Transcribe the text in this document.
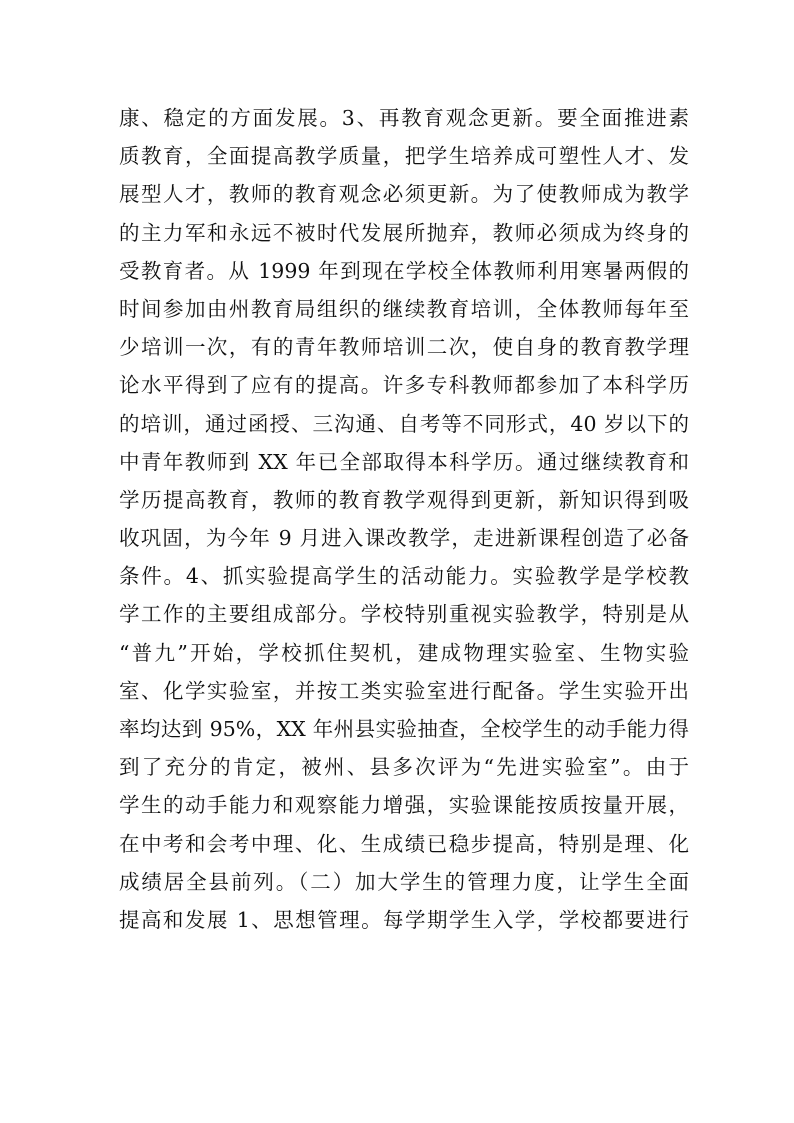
康、稳定的方面发展。3、再教育观念更新。要全面推进素
质教育，全面提高教学质量，把学生培养成可塑性人才、发
展型人才，教师的教育观念必须更新。为了使教师成为教学
的主力军和永远不被时代发展所抛弃，教师必须成为终身的
受教育者。从 1999 年到现在学校全体教师利用寒暑两假的
时间参加由州教育局组织的继续教育培训，全体教师每年至
少培训一次，有的青年教师培训二次，使自身的教育教学理
论水平得到了应有的提高。许多专科教师都参加了本科学历
的培训，通过函授、三沟通、自考等不同形式，40 岁以下的
中青年教师到 XX 年已全部取得本科学历。通过继续教育和
学历提高教育，教师的教育教学观得到更新，新知识得到吸
收巩固，为今年 9 月进入课改教学，走进新课程创造了必备
条件。4、抓实验提高学生的活动能力。实验教学是学校教
学工作的主要组成部分。学校特别重视实验教学，特别是从
“普九”开始，学校抓住契机，建成物理实验室、生物实验
室、化学实验室，并按工类实验室进行配备。学生实验开出
率均达到 95%，XX 年州县实验抽查，全校学生的动手能力得
到了充分的肯定，被州、县多次评为“先进实验室”。由于
学生的动手能力和观察能力增强，实验课能按质按量开展，
在中考和会考中理、化、生成绩已稳步提高，特别是理、化
成绩居全县前列。（二）加大学生的管理力度，让学生全面
提高和发展 1、思想管理。每学期学生入学，学校都要进行
